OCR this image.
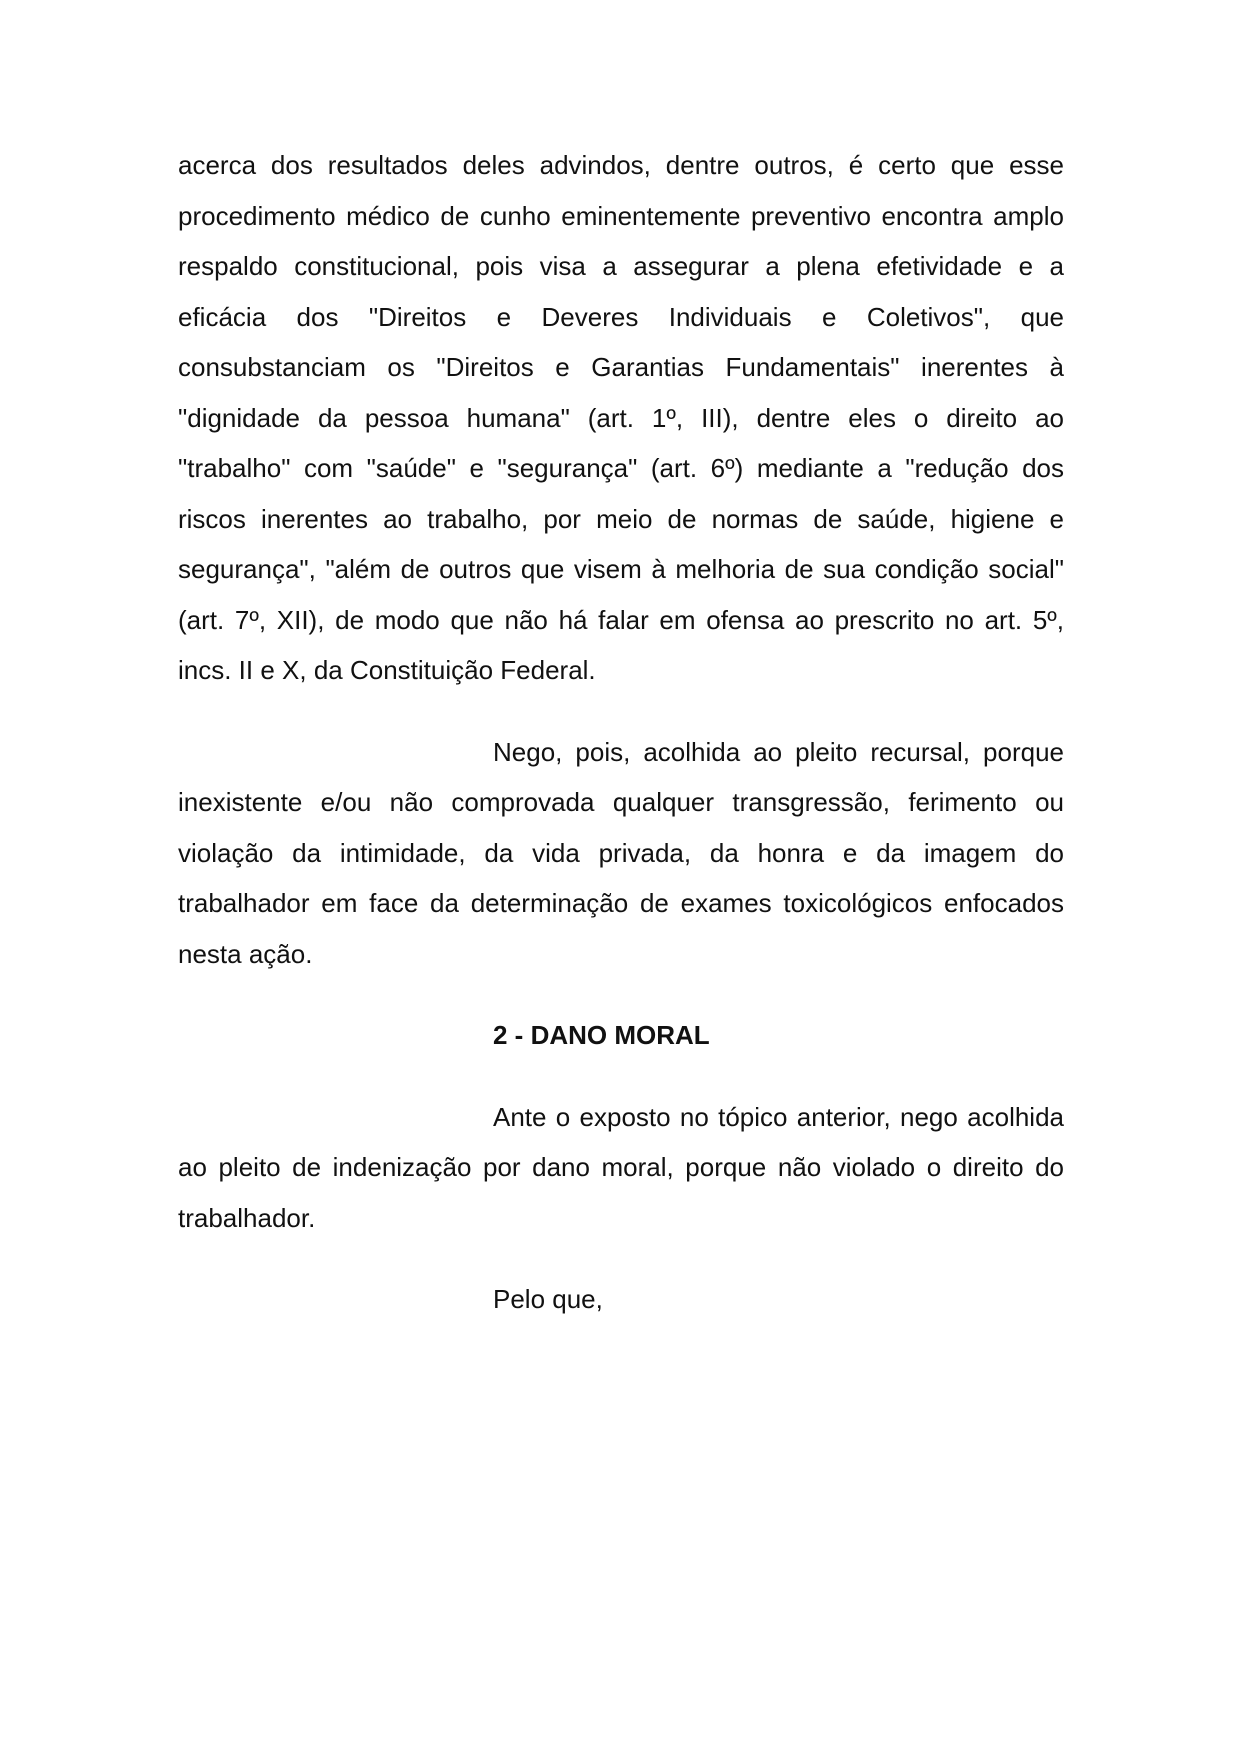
acerca dos resultados deles advindos, dentre outros, é certo que esse procedimento médico de cunho eminentemente preventivo encontra amplo respaldo constitucional, pois visa a assegurar a plena efetividade e a eficácia dos "Direitos e Deveres Individuais e Coletivos", que consubstanciam os "Direitos e Garantias Fundamentais" inerentes à "dignidade da pessoa humana" (art. 1º, III), dentre eles o direito ao "trabalho" com "saúde" e "segurança" (art. 6º) mediante a "redução dos riscos inerentes ao trabalho, por meio de normas de saúde, higiene e segurança", "além de outros que visem à melhoria de sua condição social" (art. 7º, XII), de modo que não há falar em ofensa ao prescrito no art. 5º, incs. II e X, da Constituição Federal.

Nego, pois, acolhida ao pleito recursal, porque inexistente e/ou não comprovada qualquer transgressão, ferimento ou violação da intimidade, da vida privada, da honra e da imagem do trabalhador em face da determinação de exames toxicológicos enfocados nesta ação.

2 - DANO MORAL

Ante o exposto no tópico anterior, nego acolhida ao pleito de indenização por dano moral, porque não violado o direito do trabalhador.

Pelo que,
